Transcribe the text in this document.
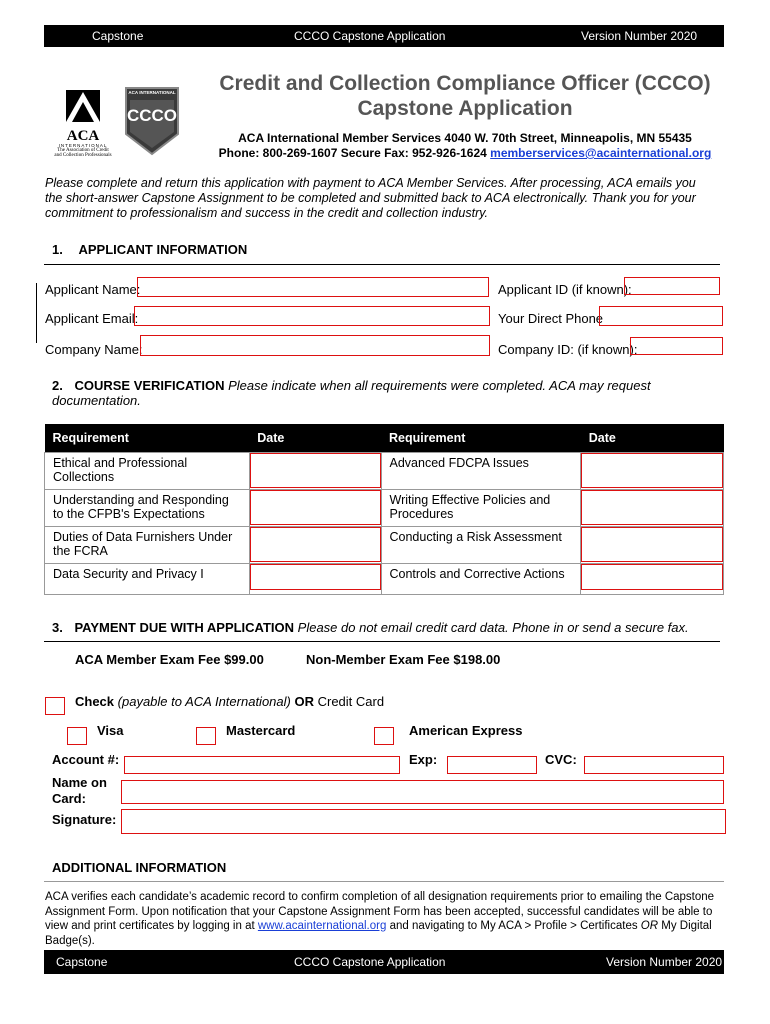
Capstone	CCCO Capstone Application	Version Number 2020
ACA
INTERNATIONAL
The Association of Credit
and Collection Professionals
ACA INTERNATIONAL
CCCO
Credit and Collection Compliance Officer (CCCO)
Capstone Application
ACA International Member Services 4040 W. 70th Street, Minneapolis, MN 55435
Phone: 800-269-1607 Secure Fax: 952-926-1624 memberservices@acainternational.org
Please complete and return this application with payment to ACA Member Services. After processing, ACA emails you the short-answer Capstone Assignment to be completed and submitted back to ACA electronically. Thank you for your commitment to professionalism and success in the credit and collection industry.
1. APPLICANT INFORMATION
Applicant Name:	Applicant ID (if known):
Applicant Email:	Your Direct Phone
Company Name:	Company ID: (if known):
2. COURSE VERIFICATION Please indicate when all requirements were completed. ACA may request documentation.
Requirement	Date	Requirement	Date
Ethical and Professional Collections		Advanced FDCPA Issues	

Understanding and Responding to the CFPB's Expectations		Writing Effective Policies and Procedures	

Duties of Data Furnishers Under the FCRA		Conducting a Risk Assessment	

Data Security and Privacy I		Controls and Corrective Actions	
3. PAYMENT DUE WITH APPLICATION Please do not email credit card data. Phone in or send a secure fax.
ACA Member Exam Fee $99.00	Non-Member Exam Fee $198.00
Check (payable to ACA International) OR Credit Card
Visa	Mastercard	American Express
Account #:	Exp:	CVC:
Name on
Card:
Signature:
ADDITIONAL INFORMATION
ACA verifies each candidate’s academic record to confirm completion of all designation requirements prior to emailing the Capstone Assignment Form. Upon notification that your Capstone Assignment Form has been accepted, successful candidates will be able to view and print certificates by logging in at www.acainternational.org and navigating to My ACA > Profile > Certificates OR My Digital Badge(s).
Capstone	CCCO Capstone Application	Version Number 2020
